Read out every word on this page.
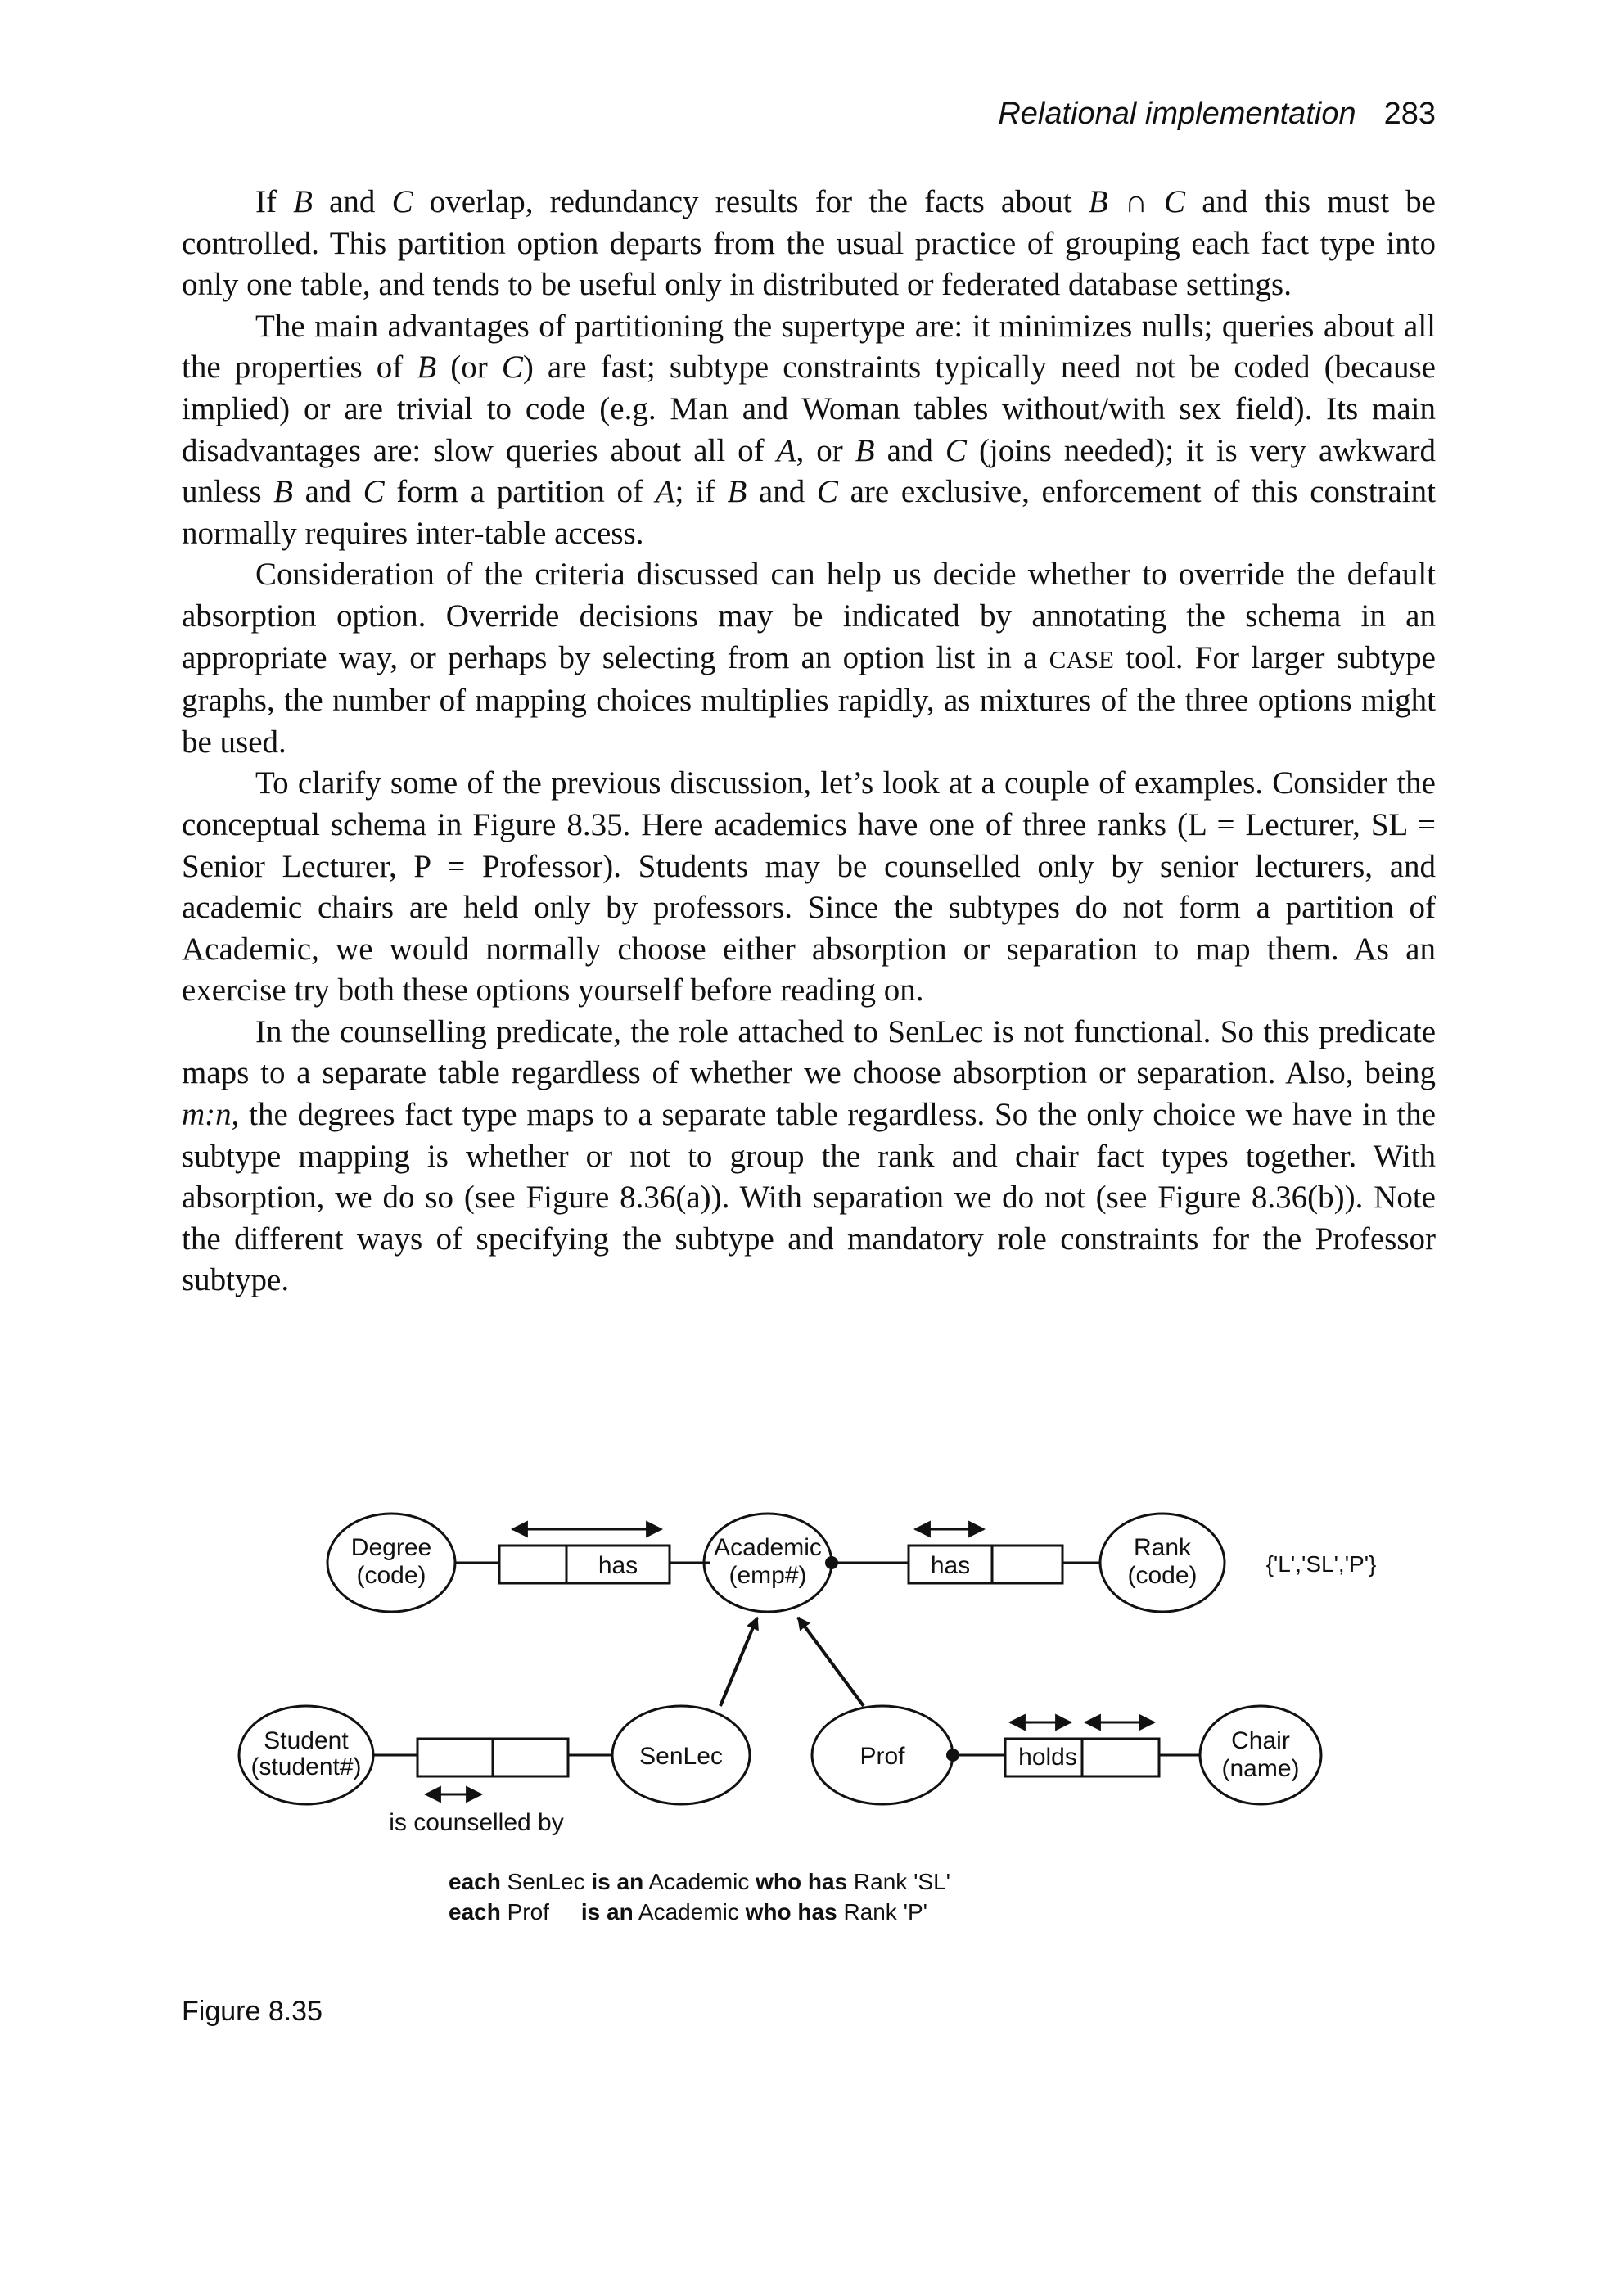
Relational implementation 283

If B and C overlap, redundancy results for the facts about B ∩ C and this must be controlled. This partition option departs from the usual practice of grouping each fact type into only one table, and tends to be useful only in distributed or federated database settings.

The main advantages of partitioning the supertype are: it minimizes nulls; queries about all the properties of B (or C) are fast; subtype constraints typically need not be coded (because implied) or are trivial to code (e.g. Man and Woman tables without/with sex field). Its main disadvantages are: slow queries about all of A, or B and C (joins needed); it is very awkward unless B and C form a partition of A; if B and C are exclusive, enforcement of this constraint normally requires inter-table access.

Consideration of the criteria discussed can help us decide whether to override the default absorption option. Override decisions may be indicated by annotating the schema in an appropriate way, or perhaps by selecting from an option list in a CASE tool. For larger subtype graphs, the number of mapping choices multiplies rapidly, as mixtures of the three options might be used.

To clarify some of the previous discussion, let’s look at a couple of examples. Consider the conceptual schema in Figure 8.35. Here academics have one of three ranks (L = Lecturer, SL = Senior Lecturer, P = Professor). Students may be counselled only by senior lecturers, and academic chairs are held only by professors. Since the subtypes do not form a partition of Academic, we would normally choose either absorption or separation to map them. As an exercise try both these options yourself before reading on.

In the counselling predicate, the role attached to SenLec is not functional. So this predicate maps to a separate table regardless of whether we choose absorption or separation. Also, being m:n, the degrees fact type maps to a separate table regardless. So the only choice we have in the subtype mapping is whether or not to group the rank and chair fact types together. With absorption, we do so (see Figure 8.36(a)). With separation we do not (see Figure 8.36(b)). Note the different ways of specifying the subtype and mandatory role constraints for the Professor subtype.

Degree
(code)	has
Academic
(emp#)	has
Rank
(code)	{'L','SL','P'}
Student
(student#)	SenLec	Prof	holds
Chair
(name)
is counselled by
each SenLec is an Academic who has Rank 'SL'
each Prof is an Academic who has Rank 'P'
Figure 8.35
